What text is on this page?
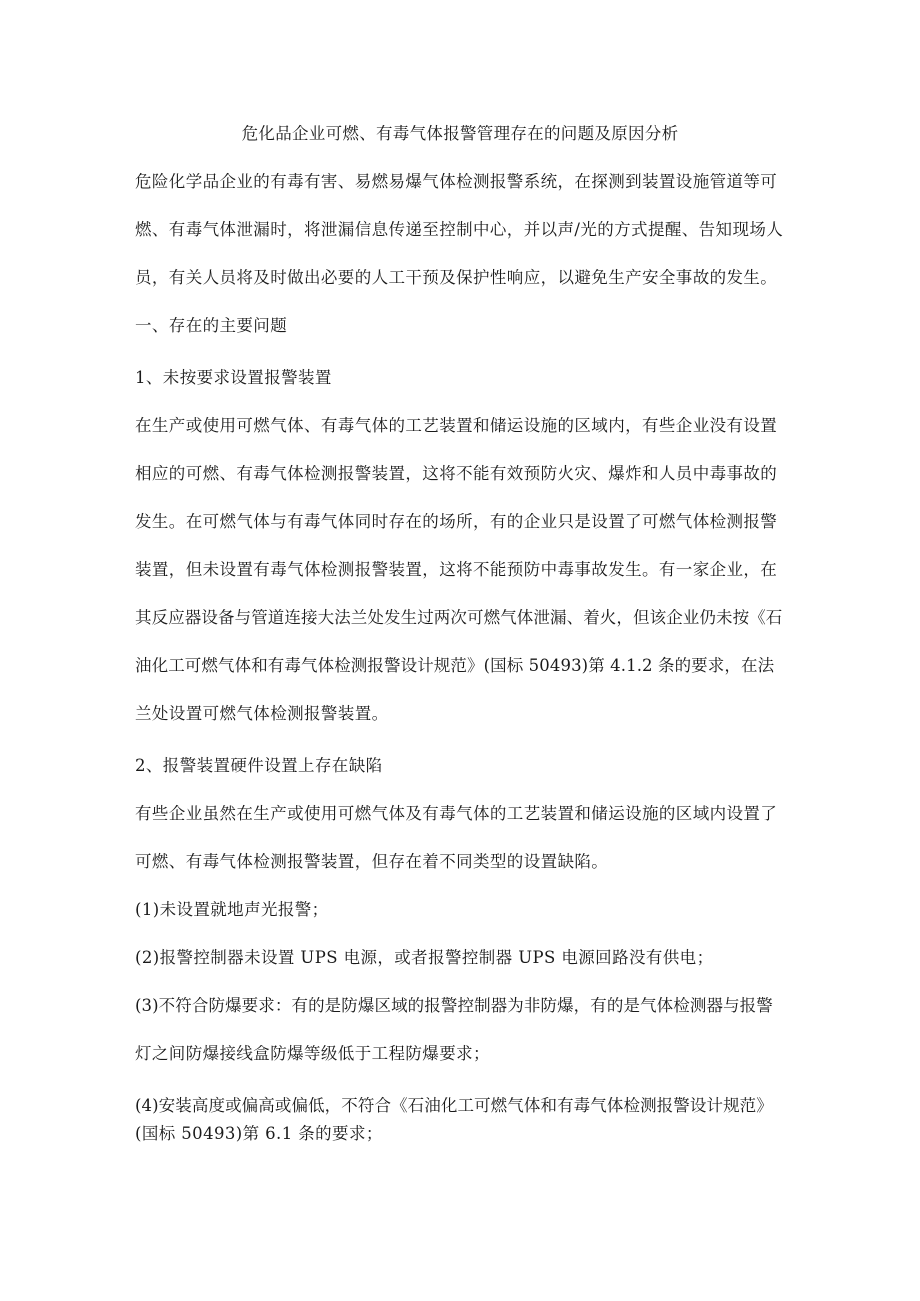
危化品企业可燃、有毒气体报警管理存在的问题及原因分析
危险化学品企业的有毒有害、易燃易爆气体检测报警系统，在探测到装置设施管道等可
燃、有毒气体泄漏时，将泄漏信息传递至控制中心，并以声/光的方式提醒、告知现场人
员，有关人员将及时做出必要的人工干预及保护性响应，以避免生产安全事故的发生。
一、存在的主要问题
1、未按要求设置报警装置
在生产或使用可燃气体、有毒气体的工艺装置和储运设施的区域内，有些企业没有设置
相应的可燃、有毒气体检测报警装置，这将不能有效预防火灾、爆炸和人员中毒事故的
发生。在可燃气体与有毒气体同时存在的场所，有的企业只是设置了可燃气体检测报警
装置，但未设置有毒气体检测报警装置，这将不能预防中毒事故发生。有一家企业，在
其反应器设备与管道连接大法兰处发生过两次可燃气体泄漏、着火，但该企业仍未按《石
油化工可燃气体和有毒气体检测报警设计规范》(国标 50493)第 4.1.2 条的要求，在法
兰处设置可燃气体检测报警装置。
2、报警装置硬件设置上存在缺陷
有些企业虽然在生产或使用可燃气体及有毒气体的工艺装置和储运设施的区域内设置了
可燃、有毒气体检测报警装置，但存在着不同类型的设置缺陷。
(1)未设置就地声光报警；
(2)报警控制器未设置 UPS 电源，或者报警控制器 UPS 电源回路没有供电；
(3)不符合防爆要求：有的是防爆区域的报警控制器为非防爆，有的是气体检测器与报警
灯之间防爆接线盒防爆等级低于工程防爆要求；
(4)安装高度或偏高或偏低，不符合《石油化工可燃气体和有毒气体检测报警设计规范》
(国标 50493)第 6.1 条的要求；
